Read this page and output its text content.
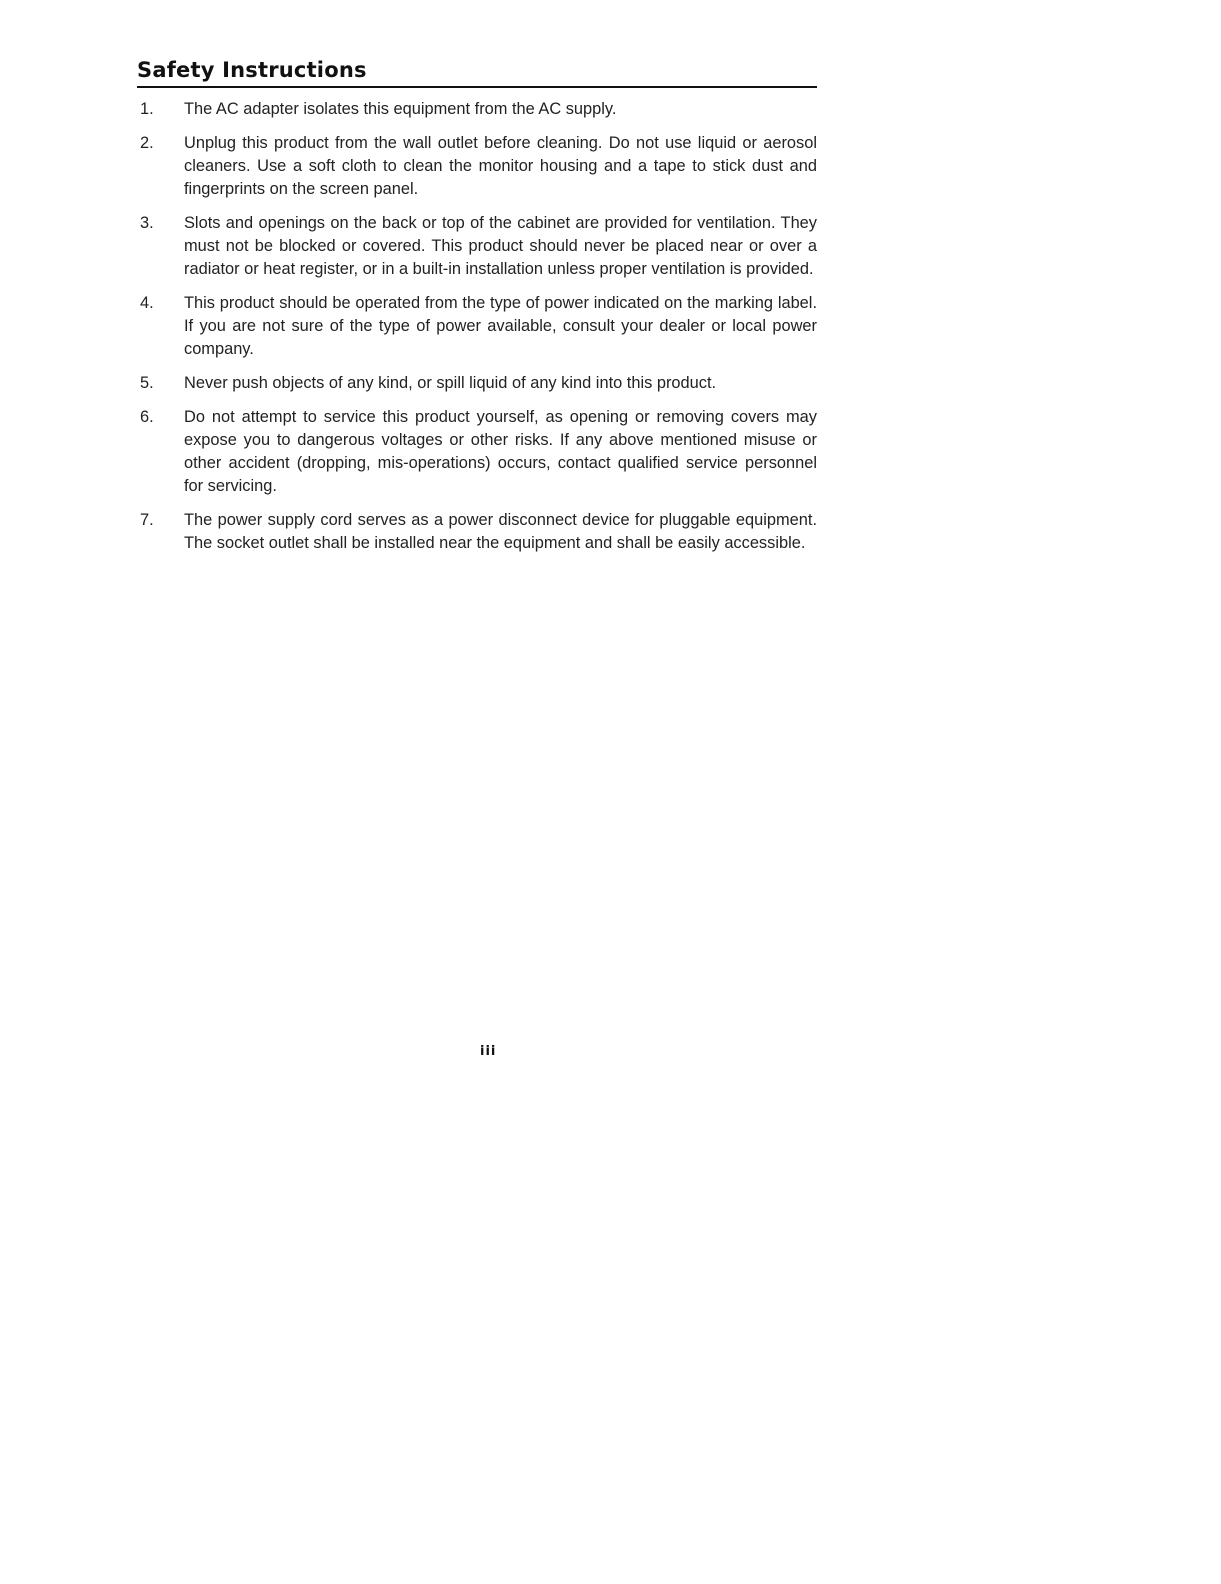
Safety Instructions
1.	The AC adapter isolates this equipment from the AC supply.
2.	Unplug this product from the wall outlet before cleaning. Do not use liquid or aerosol cleaners. Use a soft cloth to clean the monitor housing and a tape to stick dust and fingerprints on the screen panel.
3.	Slots and openings on the back or top of the cabinet are provided for ventilation. They must not be blocked or covered. This product should never be placed near or over a radiator or heat register, or in a built-in installation unless proper ventilation is provided.
4.	This product should be operated from the type of power indicated on the marking label. If you are not sure of the type of power available, consult your dealer or local power company.
5.	Never push objects of any kind, or spill liquid of any kind into this product.
6.	Do not attempt to service this product yourself, as opening or removing covers may expose you to dangerous voltages or other risks. If any above mentioned misuse or other accident (dropping, mis-operations) occurs, contact qualified service personnel for servicing.
7.	The power supply cord serves as a power disconnect device for pluggable equipment. The socket outlet shall be installed near the equipment and shall be easily accessible.
iii
